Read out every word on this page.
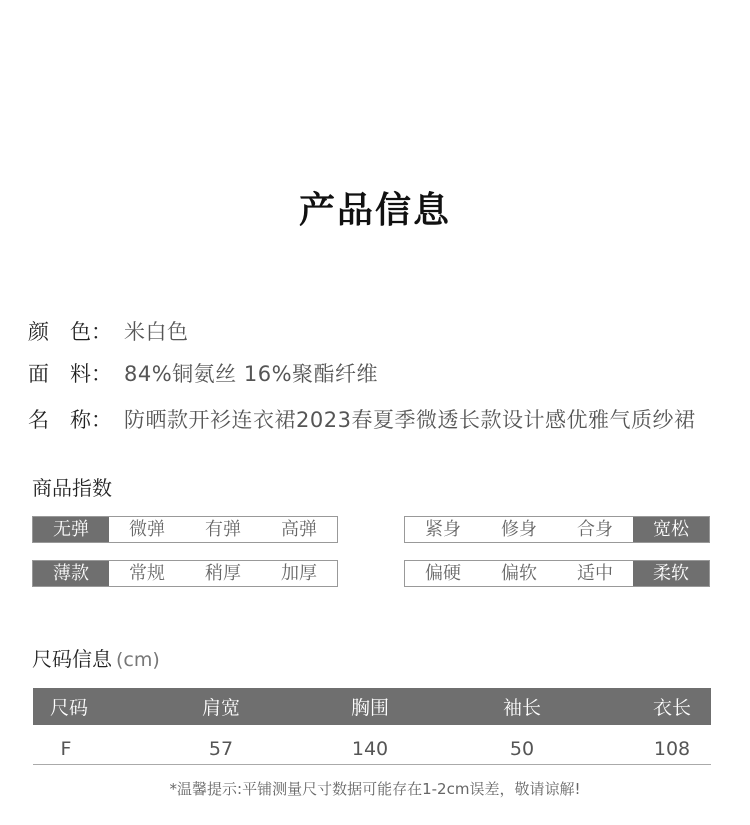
产品信息
颜　色： 米白色
面　料： 84%铜氨丝 16%聚酯纤维
名　称： 防晒款开衫连衣裙2023春夏季微透长款设计感优雅气质纱裙
商品指数
无弹	微弹	有弹	高弹	紧身	修身	合身	宽松
薄款	常规	稍厚	加厚	偏硬	偏软	适中	柔软
尺码信息 (cm)
尺码	肩宽	胸围	袖长	衣长
F	57	140	50	108
*温馨提示:平铺测量尺寸数据可能存在1-2cm误差，敬请谅解!
